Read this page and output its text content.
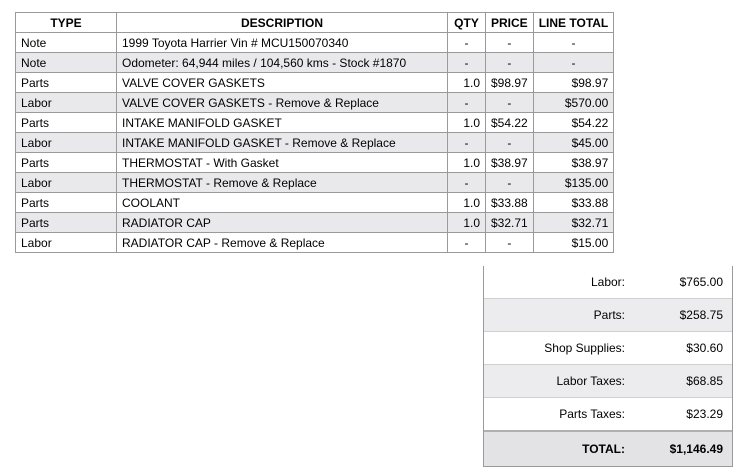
TYPE	DESCRIPTION	QTY	PRICE	LINE TOTAL
Note	1999 Toyota Harrier Vin # MCU150070340	-	-	-
Note	Odometer: 64,944 miles / 104,560 kms - Stock #1870	-	-	-
Parts	VALVE COVER GASKETS	1.0	$98.97	$98.97
Labor	VALVE COVER GASKETS - Remove & Replace	-	-	$570.00
Parts	INTAKE MANIFOLD GASKET	1.0	$54.22	$54.22
Labor	INTAKE MANIFOLD GASKET - Remove & Replace	-	-	$45.00
Parts	THERMOSTAT - With Gasket	1.0	$38.97	$38.97
Labor	THERMOSTAT - Remove & Replace	-	-	$135.00
Parts	COOLANT	1.0	$33.88	$33.88
Parts	RADIATOR CAP	1.0	$32.71	$32.71
Labor	RADIATOR CAP - Remove & Replace	-	-	$15.00
Labor:	$765.00
Parts:	$258.75
Shop Supplies:	$30.60
Labor Taxes:	$68.85
Parts Taxes:	$23.29
TOTAL:	$1,146.49
